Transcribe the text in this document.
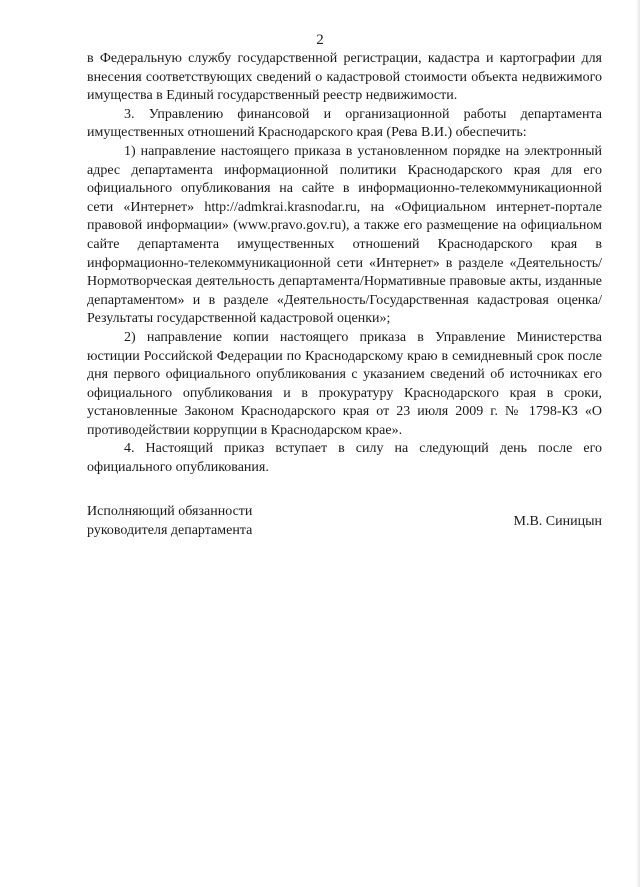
2

в Федеральную службу государственной регистрации, кадастра и картографии для внесения соответствующих сведений о кадастровой стоимости объекта недвижимого имущества в Единый государственный реестр недвижимости.

3. Управлению финансовой и организационной работы департамента имущественных отношений Краснодарского края (Рева В.И.) обеспечить:

1) направление настоящего приказа в установленном порядке на электронный адрес департамента информационной политики Краснодарского края для его официального опубликования на сайте в информационно-телекоммуникационной сети «Интернет» http://admkrai.krasnodar.ru, на «Официальном интернет-портале правовой информации» (www.pravo.gov.ru), а также его размещение на официальном сайте департамента имущественных отношений Краснодарского края в информационно-телекоммуникационной сети «Интернет» в разделе «Деятельность/Нормотворческая деятельность департамента/Нормативные правовые акты, изданные департаментом» и в разделе «Деятельность/Государственная кадастровая оценка/Результаты государственной кадастровой оценки»;

2) направление копии настоящего приказа в Управление Министерства юстиции Российской Федерации по Краснодарскому краю в семидневный срок после дня первого официального опубликования с указанием сведений об источниках его официального опубликования и в прокуратуру Краснодарского края в сроки, установленные Законом Краснодарского края от 23 июля 2009 г. № 1798-КЗ «О противодействии коррупции в Краснодарском крае».

4. Настоящий приказ вступает в силу на следующий день после его официального опубликования.

Исполняющий обязанности
руководителя департамента
М.В. Синицын
